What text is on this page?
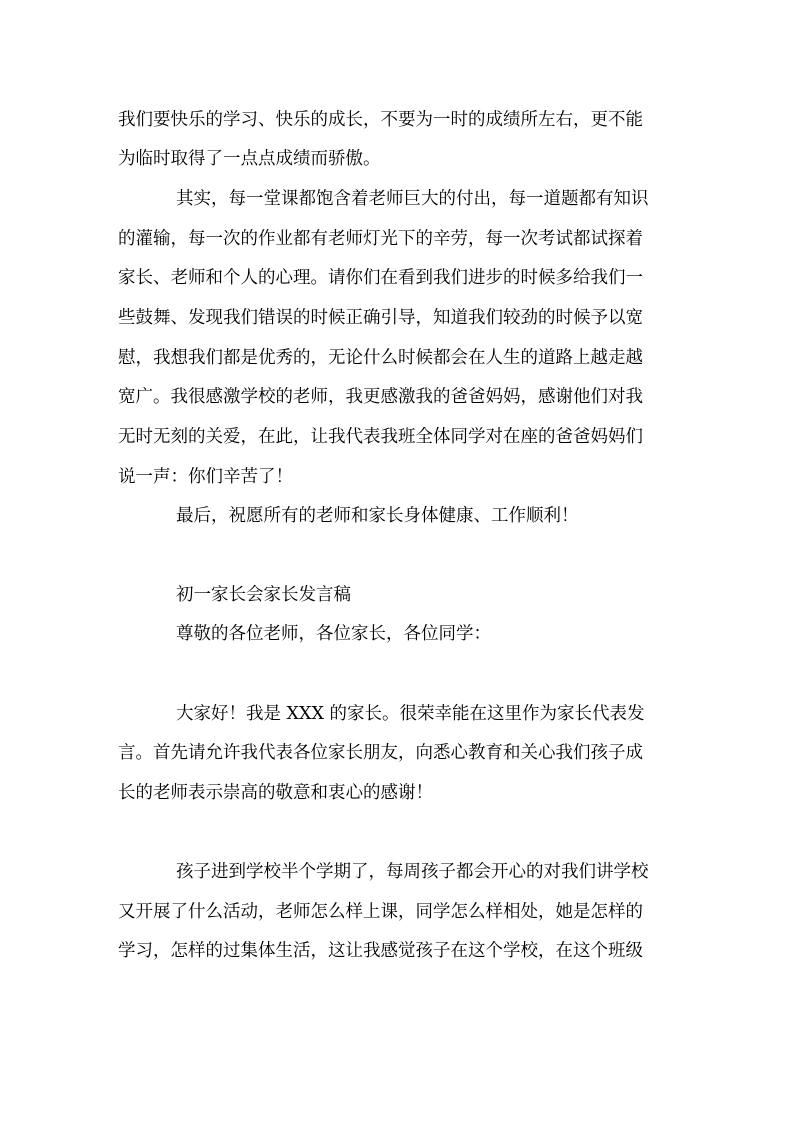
我们要快乐的学习、快乐的成长，不要为一时的成绩所左右，更不能
为临时取得了一点点成绩而骄傲。
其实，每一堂课都饱含着老师巨大的付出，每一道题都有知识
的灌输，每一次的作业都有老师灯光下的辛劳，每一次考试都试探着
家长、老师和个人的心理。请你们在看到我们进步的时候多给我们一
些鼓舞、发现我们错误的时候正确引导，知道我们较劲的时候予以宽
慰，我想我们都是优秀的，无论什么时候都会在人生的道路上越走越
宽广。我很感激学校的老师，我更感激我的爸爸妈妈，感谢他们对我
无时无刻的关爱，在此，让我代表我班全体同学对在座的爸爸妈妈们
说一声：你们辛苦了！
最后，祝愿所有的老师和家长身体健康、工作顺利！
初一家长会家长发言稿
尊敬的各位老师，各位家长，各位同学：
大家好！我是 XXX 的家长。很荣幸能在这里作为家长代表发
言。首先请允许我代表各位家长朋友，向悉心教育和关心我们孩子成
长的老师表示崇高的敬意和衷心的感谢！
孩子进到学校半个学期了，每周孩子都会开心的对我们讲学校
又开展了什么活动，老师怎么样上课，同学怎么样相处，她是怎样的
学习，怎样的过集体生活，这让我感觉孩子在这个学校，在这个班级
